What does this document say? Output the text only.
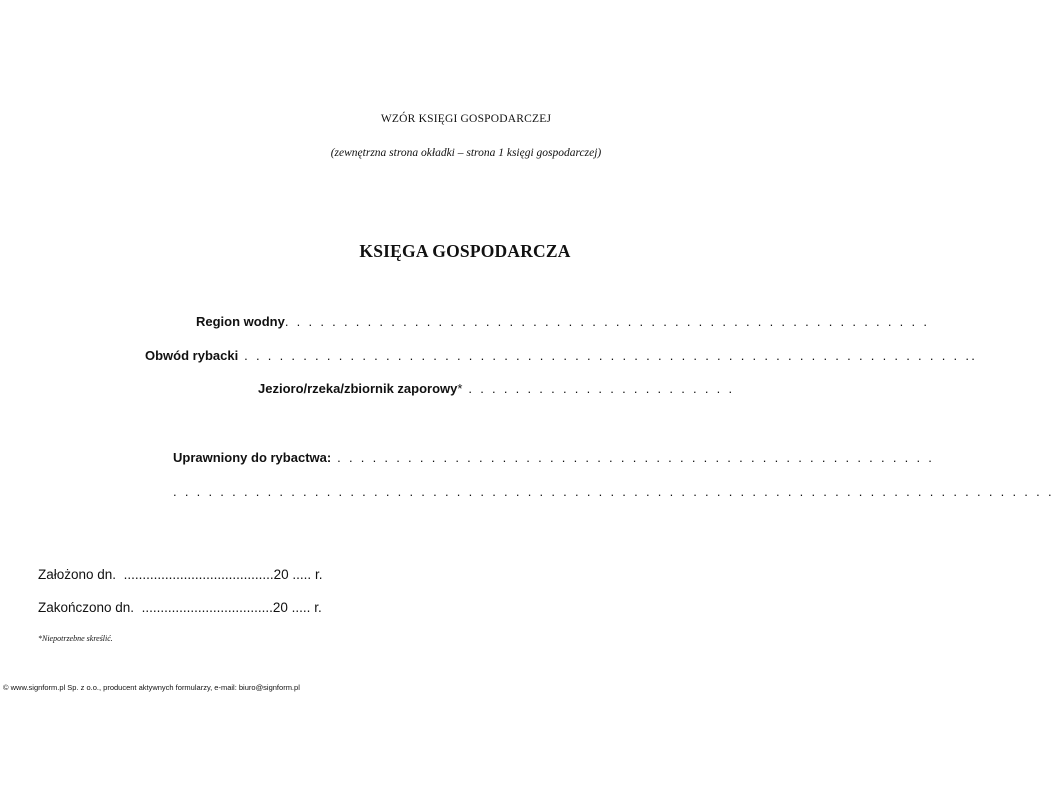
WZÓR KSIĘGI GOSPODARCZEJ
(zewnętrzna strona okładki – strona 1 księgi gospodarczej)
KSIĘGA GOSPODARCZA
Region wodny. . . . . . . . . . . . . . . . . . . . . . . . . . . . . . . . . . . . . . . . . . . . . . . . . . . . . . .
Obwód rybacki . . . . . . . . . . . . . . . . . . . . . . . . . . . . . . . . . . . . . . . . . . . . . . . . . . . . . . . . . . . . . ..
Jezioro/rzeka/zbiornik zaporowy* . . . . . . . . . . . . . . . . . . . . . . .
Uprawniony do rybactwa: . . . . . . . . . . . . . . . . . . . . . . . . . . . . . . . . . . . . . . . . . . . . . . . . . . .
. . . . . . . . . . . . . . . . . . . . . . . . . . . . . . . . . . . . . . . . . . . . . . . . . . . . . . . . . . . . . . . . . . . . . . . . . . .
Założono dn. ........................................20 ..... r.
Zakończono dn. ...................................20 ..... r.
*Niepotrzebne skreślić.
© www.signform.pl Sp. z o.o., producent aktywnych formularzy, e-mail: biuro@signform.pl
